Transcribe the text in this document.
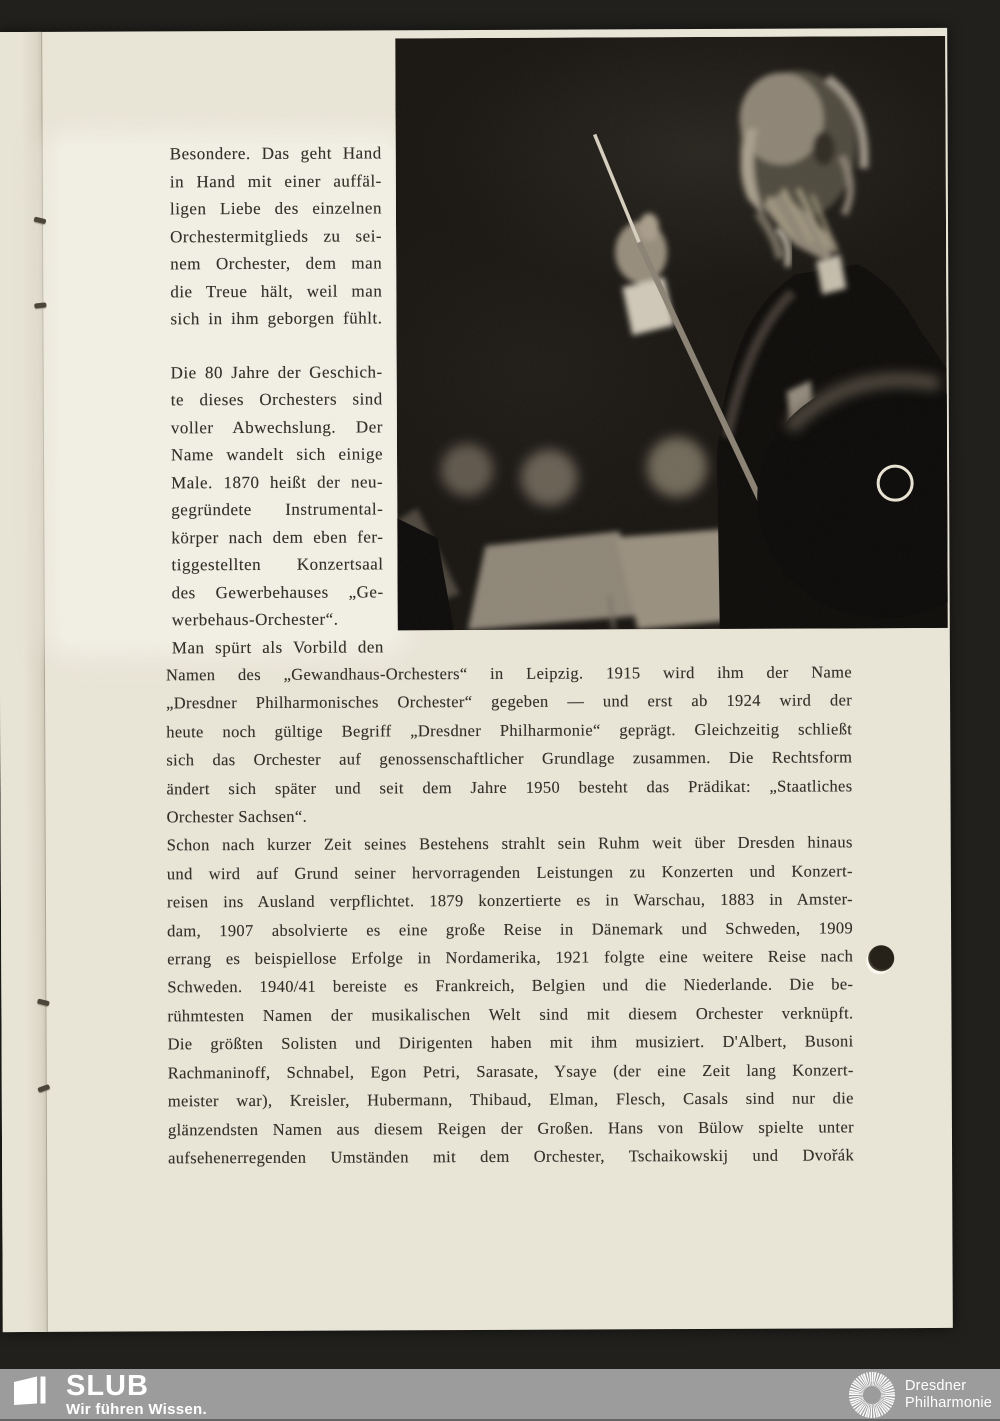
Besondere. Das geht Hand
in Hand mit einer auffäl-
ligen Liebe des einzelnen
Orchestermitglieds zu sei-
nem Orchester, dem man
die Treue hält, weil man
sich in ihm geborgen fühlt.
Die 80 Jahre der Geschich-
te dieses Orchesters sind
voller Abwechslung. Der
Name wandelt sich einige
Male. 1870 heißt der neu-
gegründete Instrumental-
körper nach dem eben fer-
tiggestellten Konzertsaal
des Gewerbehauses „Ge-
werbehaus-Orchester“.
Man spürt als Vorbild den
Namen des „Gewandhaus-Orchesters“ in Leipzig. 1915 wird ihm der Name
„Dresdner Philharmonisches Orchester“ gegeben — und erst ab 1924 wird der
heute noch gültige Begriff „Dresdner Philharmonie“ geprägt. Gleichzeitig schließt
sich das Orchester auf genossenschaftlicher Grundlage zusammen. Die Rechtsform
ändert sich später und seit dem Jahre 1950 besteht das Prädikat: „Staatliches
Orchester Sachsen“.
Schon nach kurzer Zeit seines Bestehens strahlt sein Ruhm weit über Dresden hinaus
und wird auf Grund seiner hervorragenden Leistungen zu Konzerten und Konzert-
reisen ins Ausland verpflichtet. 1879 konzertierte es in Warschau, 1883 in Amster-
dam, 1907 absolvierte es eine große Reise in Dänemark und Schweden, 1909
errang es beispiellose Erfolge in Nordamerika, 1921 folgte eine weitere Reise nach
Schweden. 1940/41 bereiste es Frankreich, Belgien und die Niederlande. Die be-
rühmtesten Namen der musikalischen Welt sind mit diesem Orchester verknüpft.
Die größten Solisten und Dirigenten haben mit ihm musiziert. D'Albert, Busoni
Rachmaninoff, Schnabel, Egon Petri, Sarasate, Ysaye (der eine Zeit lang Konzert-
meister war), Kreisler, Hubermann, Thibaud, Elman, Flesch, Casals sind nur die
glänzendsten Namen aus diesem Reigen der Großen. Hans von Bülow spielte unter
aufsehenerregenden Umständen mit dem Orchester, Tschaikowskij und Dvořák
SLUB
Wir führen Wissen.
Dresdner
Philharmonie
